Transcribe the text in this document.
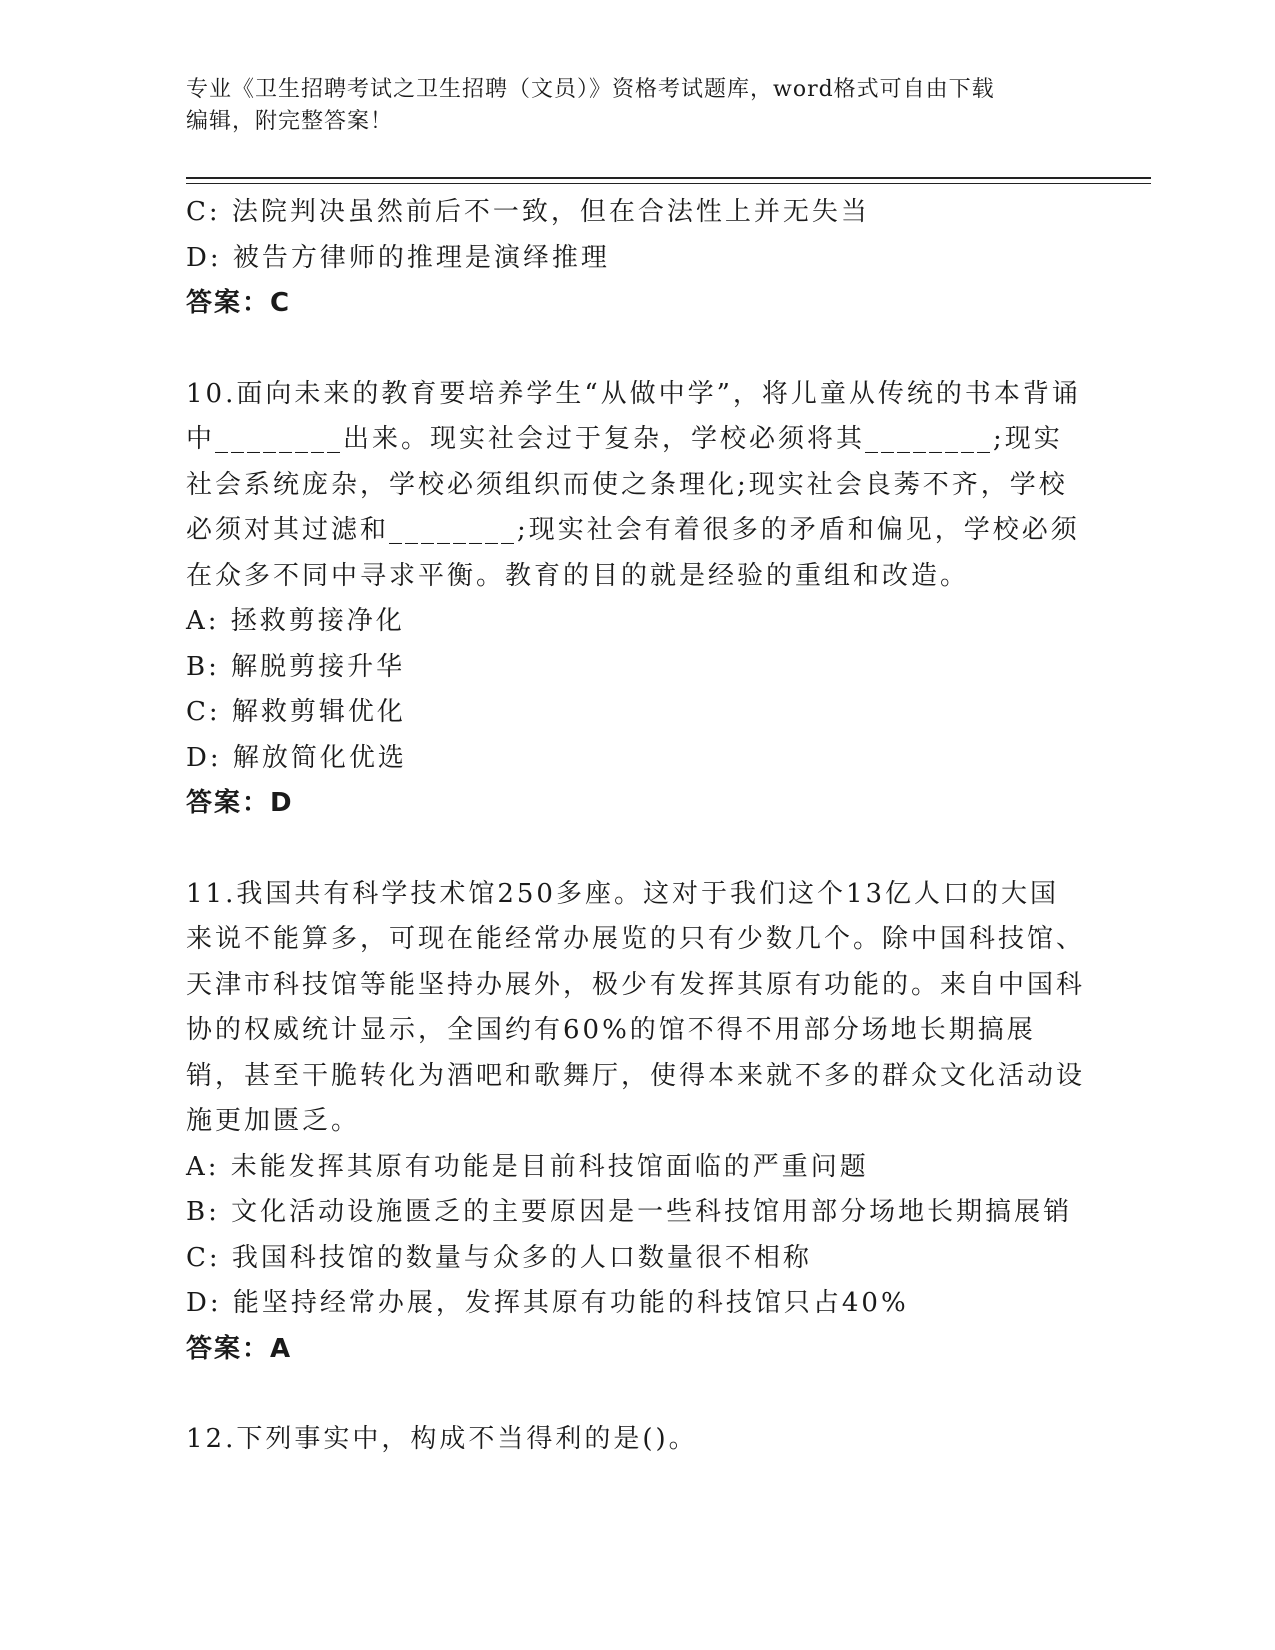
专业《卫生招聘考试之卫生招聘（文员）》资格考试题库，word格式可自由下载
编辑，附完整答案！
C: 法院判决虽然前后不一致，但在合法性上并无失当
D: 被告方律师的推理是演绎推理
答案：C
10.面向未来的教育要培养学生“从做中学”，将儿童从传统的书本背诵中________出来。现实社会过于复杂，学校必须将其________;现实社会系统庞杂，学校必须组织而使之条理化;现实社会良莠不齐，学校必须对其过滤和________;现实社会有着很多的矛盾和偏见，学校必须在众多不同中寻求平衡。教育的目的就是经验的重组和改造。
A: 拯救剪接净化
B: 解脱剪接升华
C: 解救剪辑优化
D: 解放简化优选
答案：D
11.我国共有科学技术馆250多座。这对于我们这个13亿人口的大国来说不能算多，可现在能经常办展览的只有少数几个。除中国科技馆、天津市科技馆等能坚持办展外，极少有发挥其原有功能的。来自中国科协的权威统计显示，全国约有60%的馆不得不用部分场地长期搞展销，甚至干脆转化为酒吧和歌舞厅，使得本来就不多的群众文化活动设施更加匮乏。
A: 未能发挥其原有功能是目前科技馆面临的严重问题
B: 文化活动设施匮乏的主要原因是一些科技馆用部分场地长期搞展销
C: 我国科技馆的数量与众多的人口数量很不相称
D: 能坚持经常办展，发挥其原有功能的科技馆只占40%
答案：A
12.下列事实中，构成不当得利的是()。
